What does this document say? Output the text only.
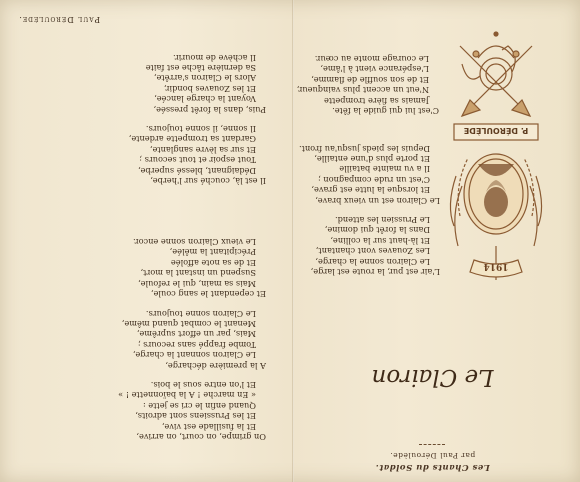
Les Chants du Soldat.
par Paul Déroulède.
Le Clairon
1914
P. DÉROULÈDE
L'air est pur, la route est large,
Le Clairon sonne la charge,
Les Zouaves vont chantant,
Et là-haut sur la colline,
Dans la forêt qui domine,
Le Prussien les attend.
Le Clairon est un vieux brave,
Et lorsque la lutte est grave,
C'est un rude compagnon ;
Il a vu mainte bataille
Et porte plus d'une entaille,
Depuis les pieds jusqu'au front.
C'est lui qui guide la fête.
Jamais sa fière trompette
N'eut un accent plus vainqueur,
Et de son souffle de flamme,
L'espérance vient à l'âme,
Le courage monte au cœur.
On grimpe, on court, on arrive,
Et la fusillade est vive,
Et les Prussiens sont adroits,
Quand enfin le cri se jette :
« En marche ! A la baïonnette ! »
Et l'on entre sous le bois.
A la première décharge,
Le Clairon sonnant la charge,
Tombe frappé sans recours ;
Mais, par un effort suprême,
Menant le combat quand même,
Le Clairon sonne toujours.
Et cependant le sang coule,
Mais sa main, qui le refoule,
Suspend un instant la mort,
Et de sa note affolée
Précipitant la mêlée,
Le vieux Clairon sonne encor.
Il est là, couché sur l'herbe,
Dédaignant, blessé superbe,
Tout espoir et tout secours ;
Et sur sa lèvre sanglante,
Gardant sa trompette ardente,
Il sonne, il sonne toujours.
Puis, dans la forêt pressée,
Voyant la charge lancée,
Et les Zouaves bondir,
Alors le Clairon s'arrête,
Sa dernière tâche est faite
Il achève de mourir.
Paul Déroulède.
